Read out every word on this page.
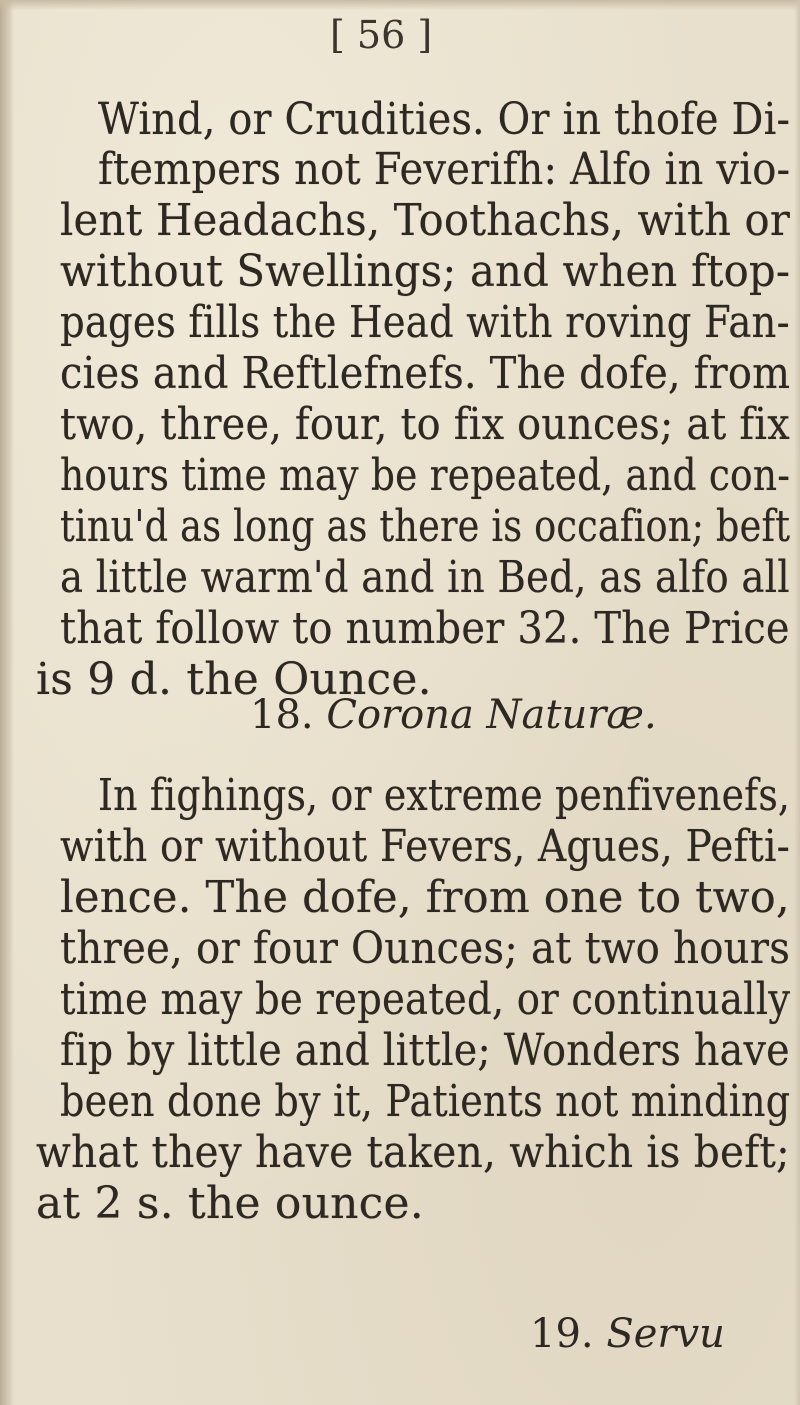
[ 56 ]
Wind, or Crudities. Or in thofe Di-
ftempers not Feverifh: Alfo in vio-
lent Headachs, Toothachs, with or
without Swellings; and when ftop-
pages fills the Head with roving Fan-
cies and Reftlefnefs. The dofe, from
two, three, four, to fix ounces; at fix
hours time may be repeated, and con-
tinu'd as long as there is occafion; beft
a little warm'd and in Bed, as alfo all
that follow to number 32. The Price
is 9 d. the Ounce.
18. Corona Naturæ.
In fighings, or extreme penfivenefs,
with or without Fevers, Agues, Pefti-
lence. The dofe, from one to two,
three, or four Ounces; at two hours
time may be repeated, or continually
fip by little and little; Wonders have
been done by it, Patients not minding
what they have taken, which is beft;
at 2 s. the ounce.
19. Servu
